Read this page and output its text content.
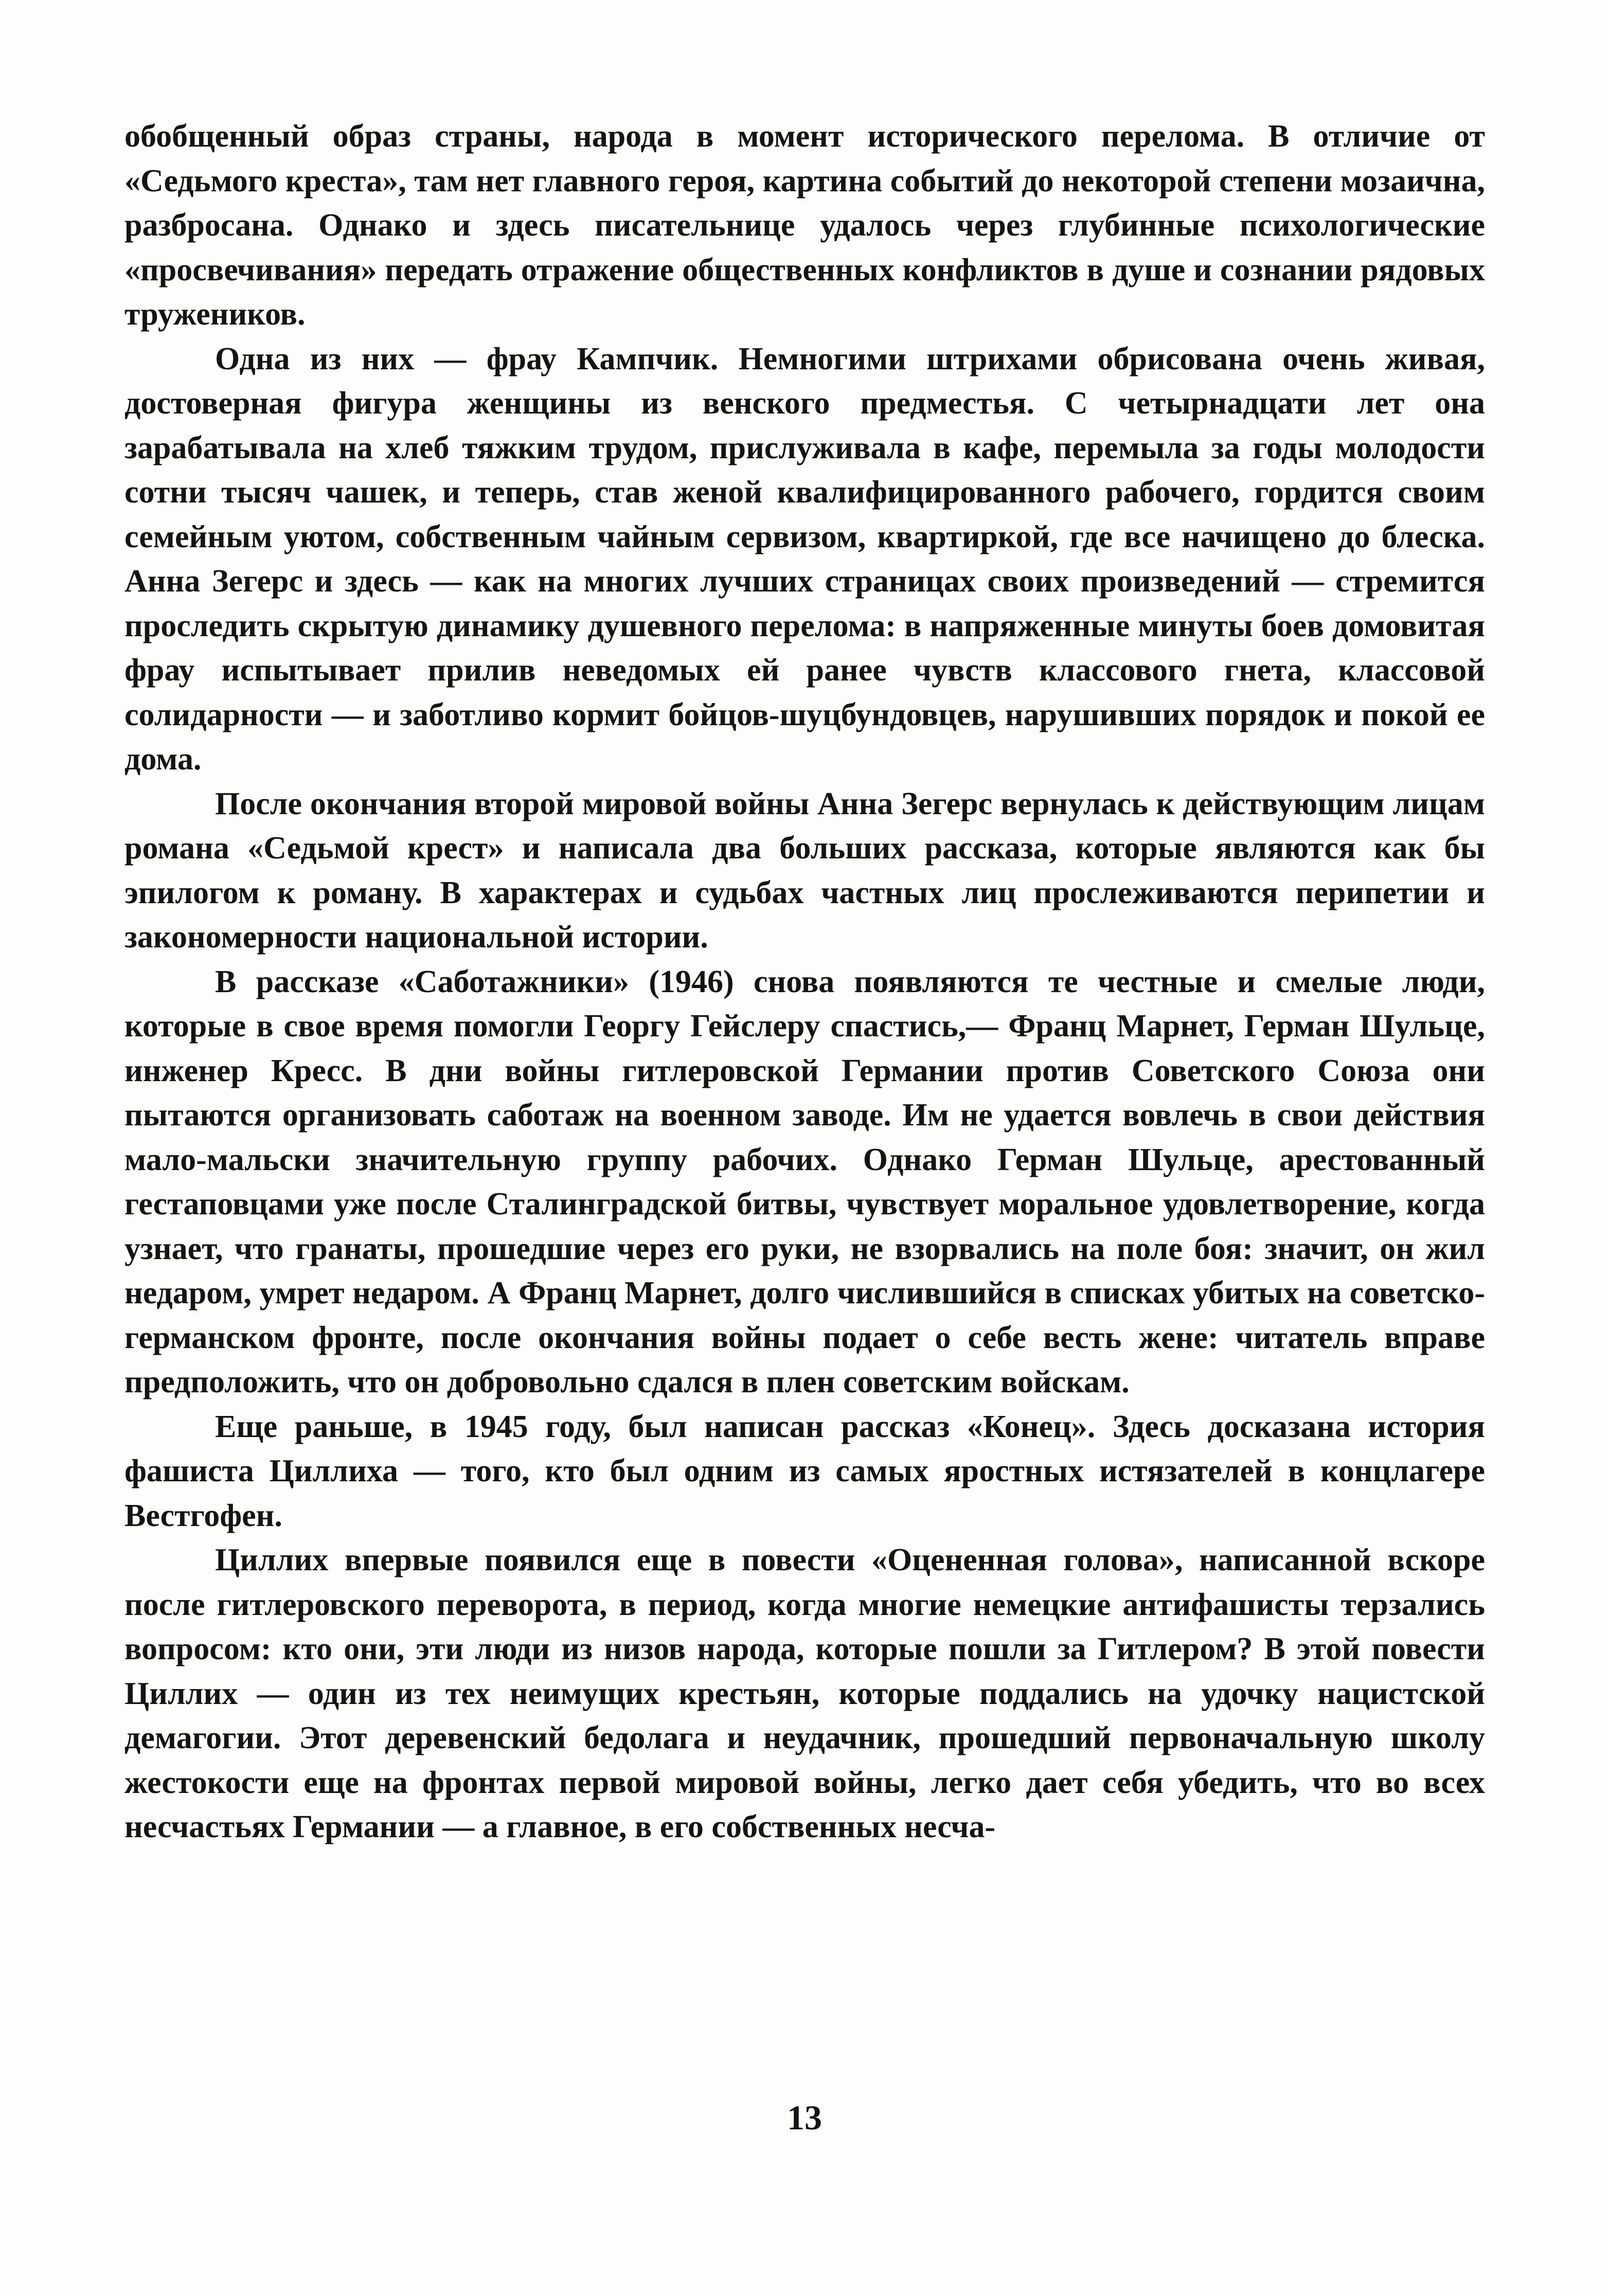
обобщенный образ страны, народа в момент исторического перелома. В отличие от «Седьмого креста», там нет главного героя, картина событий до некоторой степени мозаична, разбросана. Однако и здесь писательнице удалось через глубинные психологические «просвечивания» передать отражение общественных конфликтов в душе и сознании рядовых тружеников.

Одна из них — фрау Кампчик. Немногими штрихами обрисована очень живая, достоверная фигура женщины из венского предместья. С четырнадцати лет она зарабатывала на хлеб тяжким трудом, прислуживала в кафе, перемыла за годы молодости сотни тысяч чашек, и теперь, став женой квалифицированного рабочего, гордится своим семейным уютом, собственным чайным сервизом, квартиркой, где все начищено до блеска. Анна Зегерс и здесь — как на многих лучших страницах своих произведений — стремится проследить скрытую динамику душевного перелома: в напряженные минуты боев домовитая фрау испытывает прилив неведомых ей ранее чувств классового гнета, классовой солидарности — и заботливо кормит бойцов-шуцбундовцев, нарушивших порядок и покой ее дома.

После окончания второй мировой войны Анна Зегерс вернулась к действующим лицам романа «Седьмой крест» и написала два больших рассказа, которые являются как бы эпилогом к роману. В характерах и судьбах частных лиц прослеживаются перипетии и закономерности национальной истории.

В рассказе «Саботажники» (1946) снова появляются те честные и смелые люди, которые в свое время помогли Георгу Гейслеру спастись,— Франц Марнет, Герман Шульце, инженер Кресс. В дни войны гитлеровской Германии против Советского Союза они пытаются организовать саботаж на военном заводе. Им не удается вовлечь в свои действия мало-мальски значительную группу рабочих. Однако Герман Шульце, арестованный гестаповцами уже после Сталинградской битвы, чувствует моральное удовлетворение, когда узнает, что гранаты, прошедшие через его руки, не взорвались на поле боя: значит, он жил недаром, умрет недаром. А Франц Марнет, долго числившийся в списках убитых на советско-германском фронте, после окончания войны подает о себе весть жене: читатель вправе предположить, что он добровольно сдался в плен советским войскам.

Еще раньше, в 1945 году, был написан рассказ «Конец». Здесь досказана история фашиста Циллиха — того, кто был одним из самых яростных истязателей в концлагере Вестгофен.

Циллих впервые появился еще в повести «Оцененная голова», написанной вскоре после гитлеровского переворота, в период, когда многие немецкие антифашисты терзались вопросом: кто они, эти люди из низов народа, которые пошли за Гитлером? В этой повести Циллих — один из тех неимущих крестьян, которые поддались на удочку нацистской демагогии. Этот деревенский бедолага и неудачник, прошедший первоначальную школу жестокости еще на фронтах первой мировой войны, легко дает себя убедить, что во всех несчастьях Германии — а главное, в его собственных несча-

13
